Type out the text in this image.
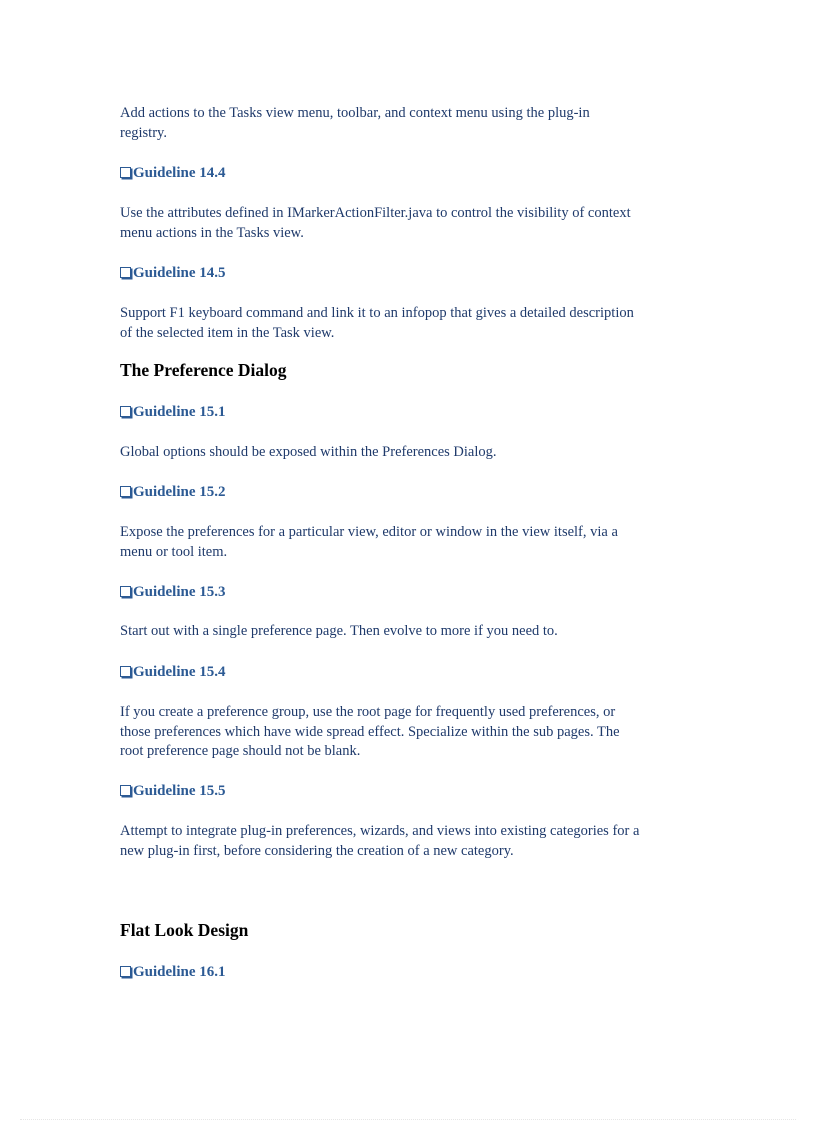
Add actions to the Tasks view menu, toolbar, and context menu using the plug-in
registry.
Guideline 14.4
Use the attributes defined in IMarkerActionFilter.java to control the visibility of context
menu actions in the Tasks view.
Guideline 14.5
Support F1 keyboard command and link it to an infopop that gives a detailed description
of the selected item in the Task view.
The Preference Dialog
Guideline 15.1
Global options should be exposed within the Preferences Dialog.
Guideline 15.2
Expose the preferences for a particular view, editor or window in the view itself, via a
menu or tool item.
Guideline 15.3
Start out with a single preference page. Then evolve to more if you need to.
Guideline 15.4
If you create a preference group, use the root page for frequently used preferences, or
those preferences which have wide spread effect. Specialize within the sub pages. The
root preference page should not be blank.
Guideline 15.5
Attempt to integrate plug-in preferences, wizards, and views into existing categories for a
new plug-in first, before considering the creation of a new category.
Flat Look Design
Guideline 16.1
